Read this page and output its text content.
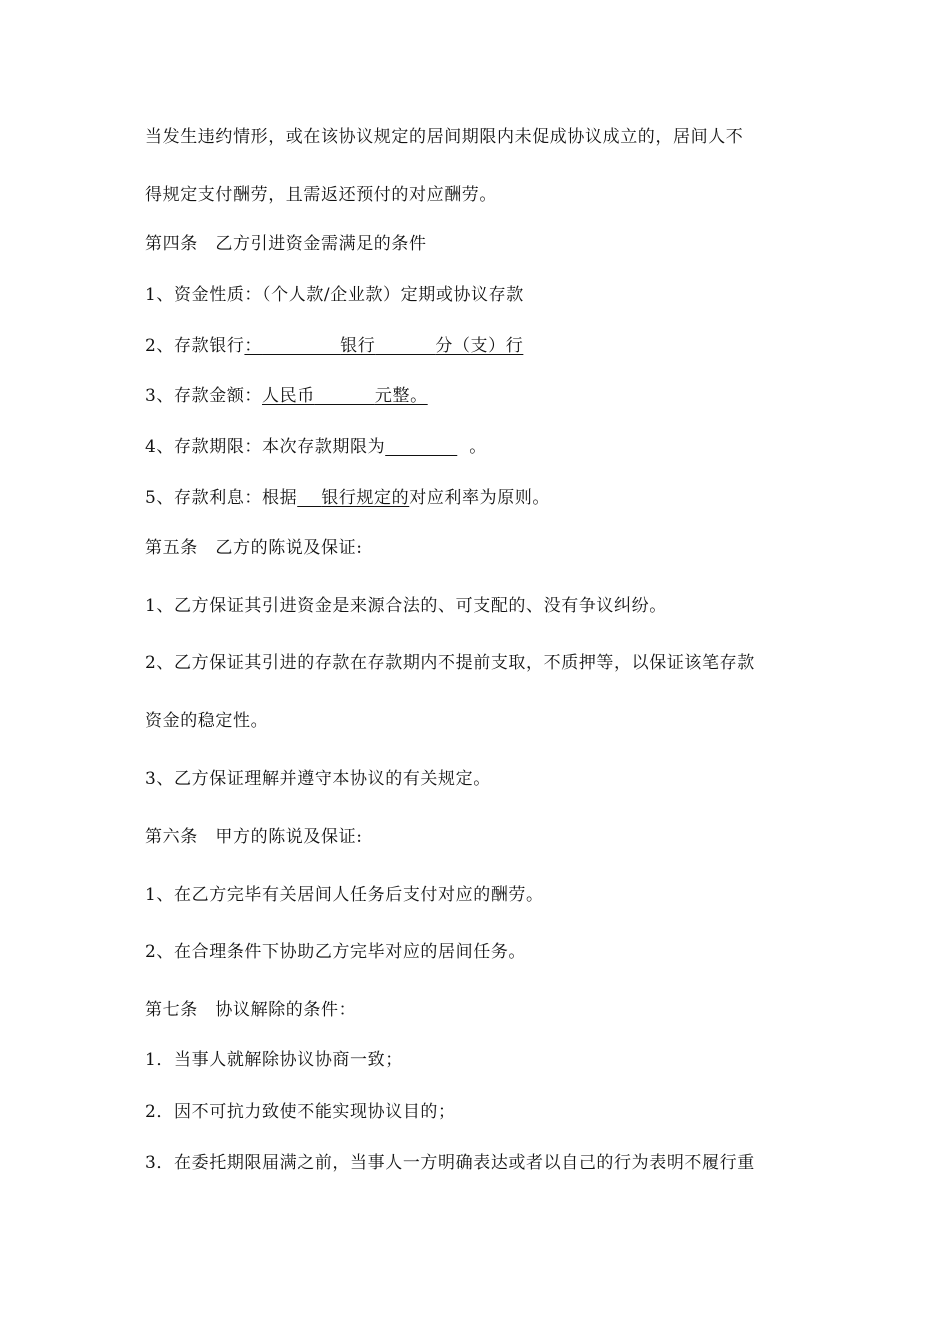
当发生违约情形，或在该协议规定的居间期限内未促成协议成立的，居间人不
得规定支付酬劳，且需返还预付的对应酬劳。
第四条　乙方引进资金需满足的条件
1、资金性质：（个人款/企业款）定期或协议存款
2、存款银行：	银行	分（支）行
3、存款金额：人民币	元整。
4、存款期限：本次存款期限为	。
5、存款利息：根据 银行规定的对应利率为原则。
第五条　乙方的陈说及保证:
1、乙方保证其引进资金是来源合法的、可支配的、没有争议纠纷。
2、乙方保证其引进的存款在存款期内不提前支取，不质押等，以保证该笔存款
资金的稳定性。
3、乙方保证理解并遵守本协议的有关规定。
第六条　甲方的陈说及保证:
1、在乙方完毕有关居间人任务后支付对应的酬劳。
2、在合理条件下协助乙方完毕对应的居间任务。
第七条　协议解除的条件：
1．当事人就解除协议协商一致；
2．因不可抗力致使不能实现协议目的；
3．在委托期限届满之前，当事人一方明确表达或者以自己的行为表明不履行重
